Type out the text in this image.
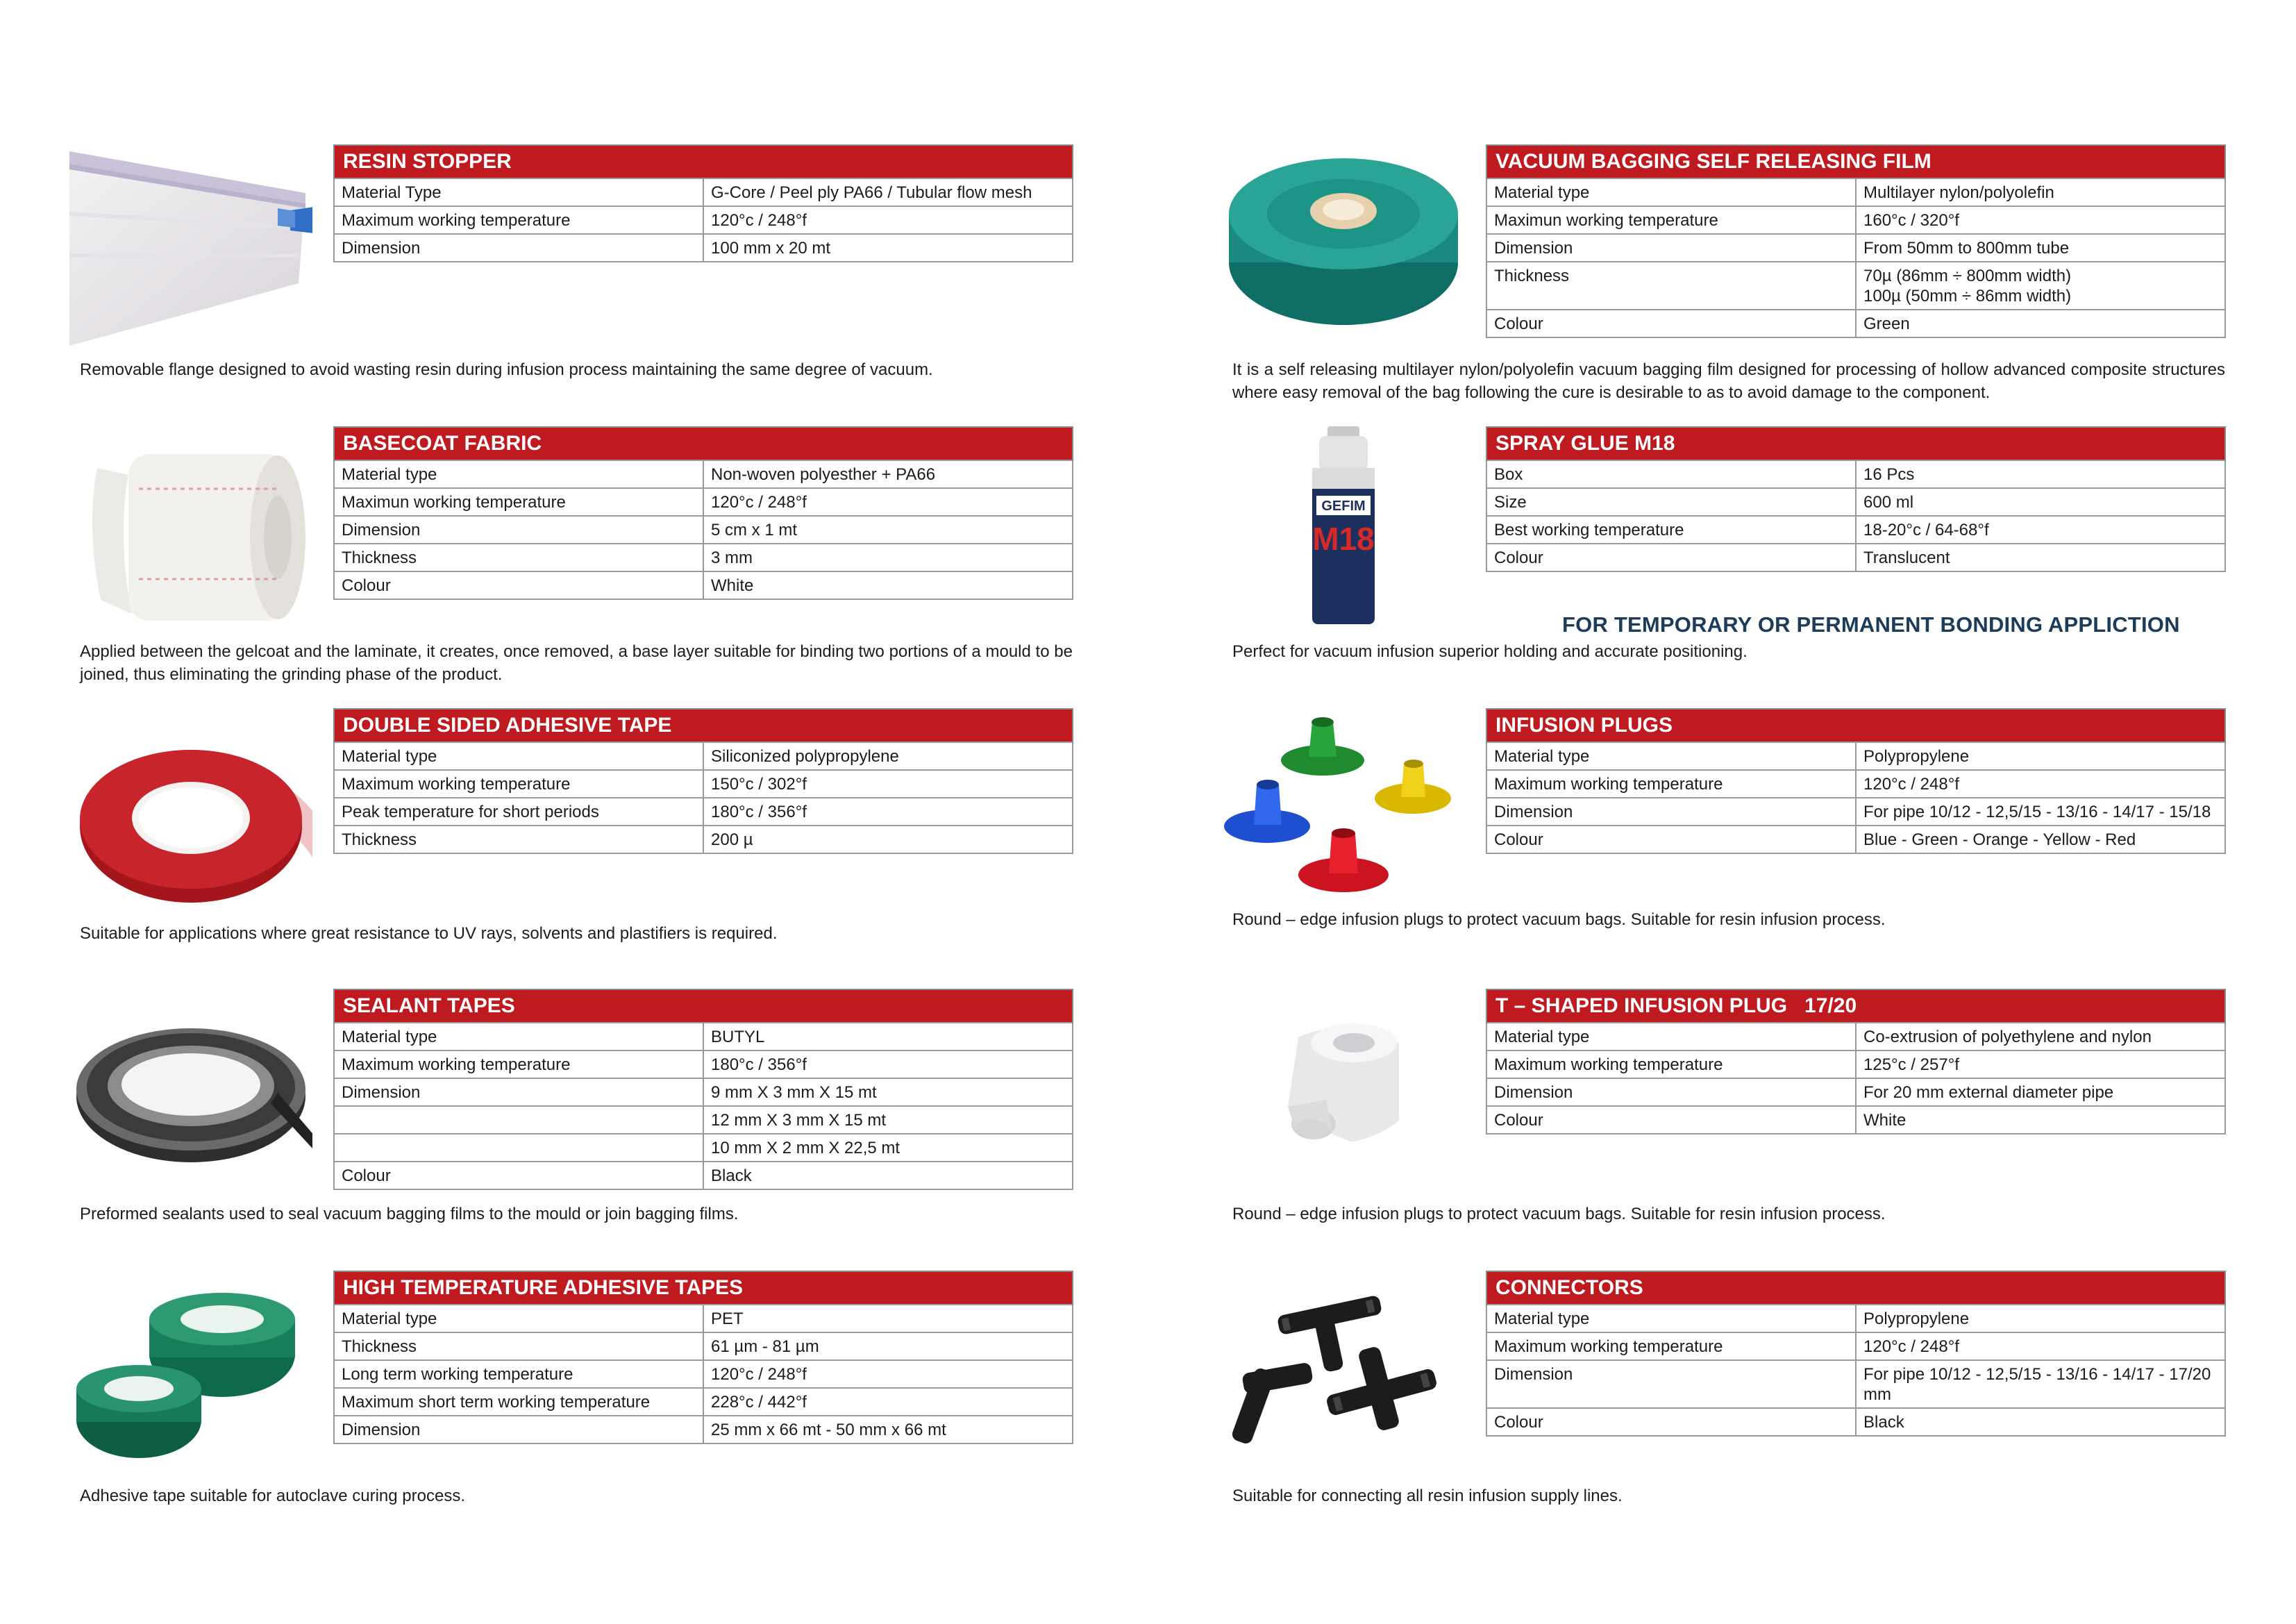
RESIN STOPPER	
Material Type	G-Core / Peel ply PA66 / Tubular flow mesh
Maximum working temperature	120°c / 248°f
Dimension	100 mm x 20 mt
Removable flange designed to avoid wasting resin during infusion process maintaining the same degree of vacuum.
BASECOAT FABRIC	
Material type	Non-woven polyesther + PA66
Maximun working temperature	120°c / 248°f
Dimension	5 cm x 1 mt
Thickness	3 mm
Colour	White
Applied between the gelcoat and the laminate, it creates, once removed, a base layer suitable for binding two portions of a mould to be joined, thus eliminating the grinding phase of the product.
DOUBLE SIDED ADHESIVE TAPE	
Material type	Siliconized polypropylene
Maximum working temperature	150°c / 302°f
Peak temperature for short periods	180°c / 356°f
Thickness	200 µ
Suitable for applications where great resistance to UV rays, solvents and plastifiers is required.
SEALANT TAPES	
Material type	BUTYL
Maximum working temperature	180°c / 356°f
Dimension	9 mm X 3 mm X 15 mt
	12 mm X 3 mm X 15 mt
	10 mm X 2 mm X 22,5 mt
Colour	Black
Preformed sealants used to seal vacuum bagging films to the mould or join bagging films.
HIGH TEMPERATURE ADHESIVE TAPES	
Material type	PET
Thickness	61 µm - 81 µm
Long term working temperature	120°c / 248°f
Maximum short term working temperature	228°c / 442°f
Dimension	25 mm x 66 mt - 50 mm x 66 mt
Adhesive tape suitable for autoclave curing process.
VACUUM BAGGING SELF RELEASING FILM	
Material type	Multilayer nylon/polyolefin
Maximun working temperature	160°c / 320°f
Dimension	From 50mm to 800mm tube
Thickness	70µ (86mm ÷ 800mm width)
100µ (50mm ÷ 86mm width)

Colour	Green
It is a self releasing multilayer nylon/polyolefin vacuum bagging film designed for processing of hollow advanced composite structures where easy removal of the bag following the cure is desirable to as to avoid damage to the component.
GEFIM
M18
SPRAY GLUE M18	
Box	16 Pcs
Size	600 ml
Best working temperature	18-20°c / 64-68°f
Colour	Translucent
Perfect for vacuum infusion superior holding and accurate positioning.
FOR TEMPORARY OR PERMANENT BONDING APPLICTION
INFUSION PLUGS	
Material type	Polypropylene
Maximum working temperature	120°c / 248°f
Dimension	For pipe 10/12 - 12,5/15 - 13/16 - 14/17 - 15/18
Colour	Blue - Green - Orange - Yellow - Red
Round – edge infusion plugs to protect vacuum bags. Suitable for resin infusion process.
T – SHAPED INFUSION PLUG   17/20	
Material type	Co-extrusion of polyethylene and nylon
Maximum working temperature	125°c / 257°f
Dimension	For 20 mm external diameter pipe
Colour	White
Round – edge infusion plugs to protect vacuum bags. Suitable for resin infusion process.
CONNECTORS	
Material type	Polypropylene
Maximum working temperature	120°c / 248°f
Dimension	For pipe 10/12 - 12,5/15 - 13/16 - 14/17 - 17/20 mm
Colour	Black
Suitable for connecting all resin infusion supply lines.
